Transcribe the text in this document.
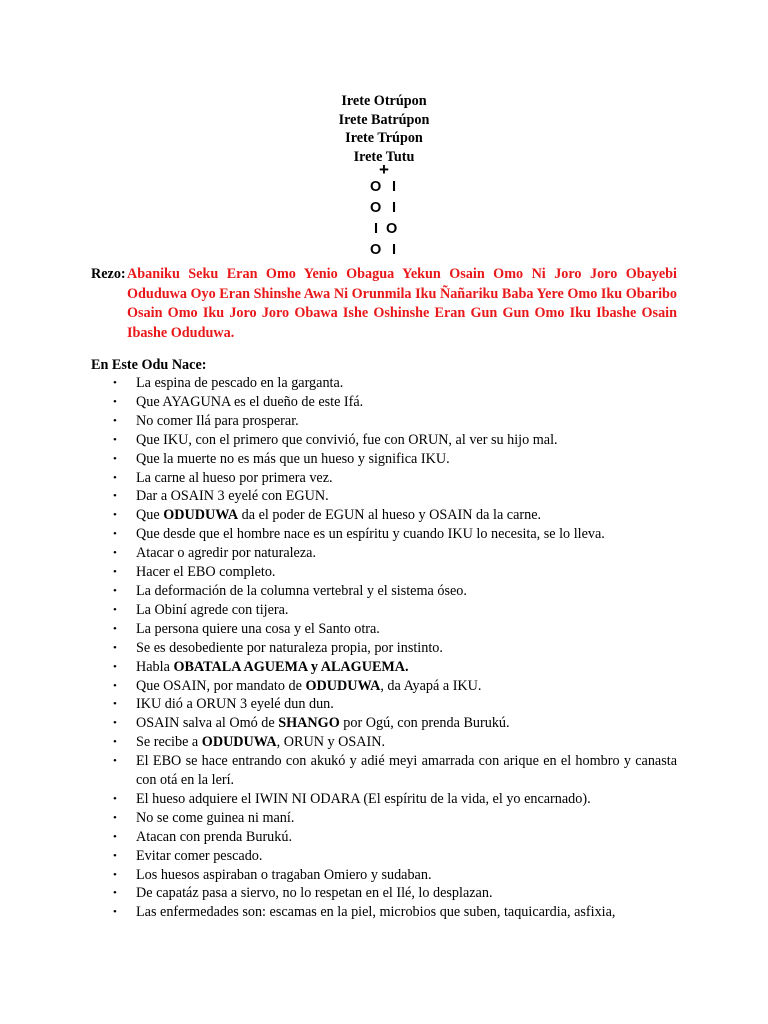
Irete Otrúpon
Irete Batrúpon
Irete Trúpon
Irete Tutu
+
O I
O I
I O
O I
Rezo: Abaniku Seku Eran Omo Yenio Obagua Yekun Osain Omo Ni Joro Joro Obayebi Oduduwa Oyo Eran Shinshe Awa Ni Orunmila Iku Ñañariku Baba Yere Omo Iku Obaribo Osain Omo Iku Joro Joro Obawa Ishe Oshinshe Eran Gun Gun Omo Iku Ibashe Osain Ibashe Oduduwa.
En Este Odu Nace:
• La espina de pescado en la garganta.
• Que AYAGUNA es el dueño de este Ifá.
• No comer Ilá para prosperar.
• Que IKU, con el primero que convivió, fue con ORUN, al ver su hijo mal.
• Que la muerte no es más que un hueso y significa IKU.
• La carne al hueso por primera vez.
• Dar a OSAIN 3 eyelé con EGUN.
• Que ODUDUWA da el poder de EGUN al hueso y OSAIN da la carne.
• Que desde que el hombre nace es un espíritu y cuando IKU lo necesita, se lo lleva.
• Atacar o agredir por naturaleza.
• Hacer el EBO completo.
• La deformación de la columna vertebral y el sistema óseo.
• La Obiní agrede con tijera.
• La persona quiere una cosa y el Santo otra.
• Se es desobediente por naturaleza propia, por instinto.
• Habla OBATALA AGUEMA y ALAGUEMA.
• Que OSAIN, por mandato de ODUDUWA, da Ayapá a IKU.
• IKU dió a ORUN 3 eyelé dun dun.
• OSAIN salva al Omó de SHANGO por Ogú, con prenda Burukú.
• Se recibe a ODUDUWA, ORUN y OSAIN.
• El EBO se hace entrando con akukó y adié meyi amarrada con arique en el hombro y canasta con otá en la lerí.
• El hueso adquiere el IWIN NI ODARA (El espíritu de la vida, el yo encarnado).
• No se come guinea ni maní.
• Atacan con prenda Burukú.
• Evitar comer pescado.
• Los huesos aspiraban o tragaban Omiero y sudaban.
• De capatáz pasa a siervo, no lo respetan en el Ilé, lo desplazan.
• Las enfermedades son: escamas en la piel, microbios que suben, taquicardia, asfixia,
